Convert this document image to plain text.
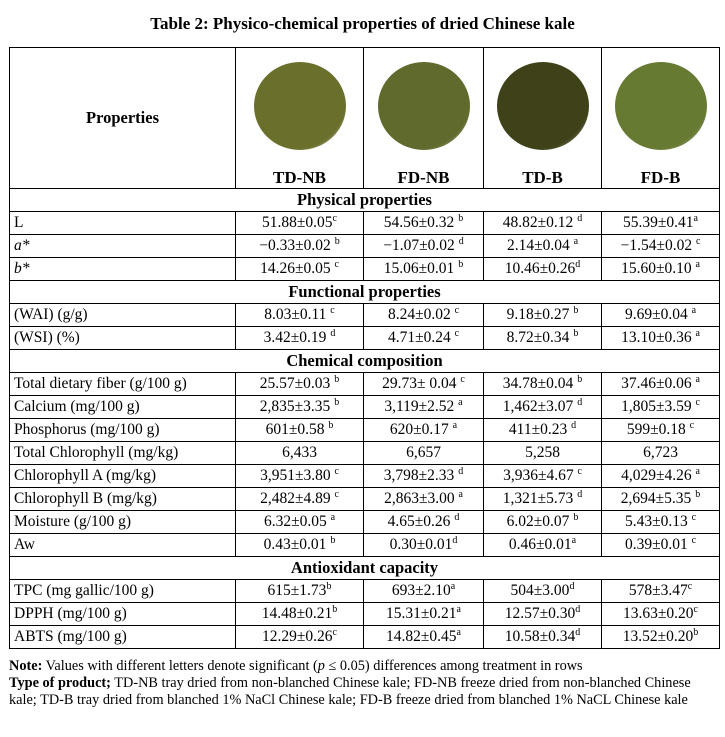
Table 2: Physico-chemical properties of dried Chinese kale
Properties	TD-NB	FD-NB	TD-B	FD-B

Physical properties				
L	51.88±0.05$^c$	54.56±0.32 $^b$	48.82±0.12 $^d$	55.39±0.41$^a$
a*	−0.33±0.02 $^b$	−1.07±0.02 $^d$	2.14±0.04 $^a$	−1.54±0.02 $^c$
b*	14.26±0.05 $^c$	15.06±0.01 $^b$	10.46±0.26$^d$	15.60±0.10 $^a$
Functional properties				
(WAI) (g/g)	8.03±0.11 $^c$	8.24±0.02 $^c$	9.18±0.27 $^b$	9.69±0.04 $^a$
(WSI) (%)	3.42±0.19 $^d$	4.71±0.24 $^c$	8.72±0.34 $^b$	13.10±0.36 $^a$
Chemical composition				
Total dietary fiber (g/100 g)	25.57±0.03 $^b$	29.73± 0.04 $^c$	34.78±0.04 $^b$	37.46±0.06 $^a$
Calcium (mg/100 g)	2,835±3.35 $^b$	3,119±2.52 $^a$	1,462±3.07 $^d$	1,805±3.59 $^c$
Phosphorus (mg/100 g)	601±0.58 $^b$	620±0.17 $^a$	411±0.23 $^d$	599±0.18 $^c$
Total Chlorophyll (mg/kg)	6,433	6,657	5,258	6,723
Chlorophyll A (mg/kg)	3,951±3.80 $^c$	3,798±2.33 $^d$	3,936±4.67 $^c$	4,029±4.26 $^a$
Chlorophyll B (mg/kg)	2,482±4.89 $^c$	2,863±3.00 $^a$	1,321±5.73 $^d$	2,694±5.35 $^b$
Moisture (g/100 g)	6.32±0.05 $^a$	4.65±0.26 $^d$	6.02±0.07 $^b$	5.43±0.13 $^c$
Aw	0.43±0.01 $^b$	0.30±0.01$^d$	0.46±0.01$^a$	0.39±0.01 $^c$
Antioxidant capacity				
TPC (mg gallic/100 g)	615±1.73$^b$	693±2.10$^a$	504±3.00$^d$	578±3.47$^c$
DPPH (mg/100 g)	14.48±0.21$^b$	15.31±0.21$^a$	12.57±0.30$^d$	13.63±0.20$^c$
ABTS (mg/100 g)	12.29±0.26$^c$	14.82±0.45$^a$	10.58±0.34$^d$	13.52±0.20$^b$
Note: Values with different letters denote significant (p ≤ 0.05) differences among treatment in rows
Type of product; TD-NB tray dried from non-blanched Chinese kale; FD-NB freeze dried from non-blanched Chinese kale; TD-B tray dried from blanched 1% NaCl Chinese kale; FD-B freeze dried from blanched 1% NaCL Chinese kale
